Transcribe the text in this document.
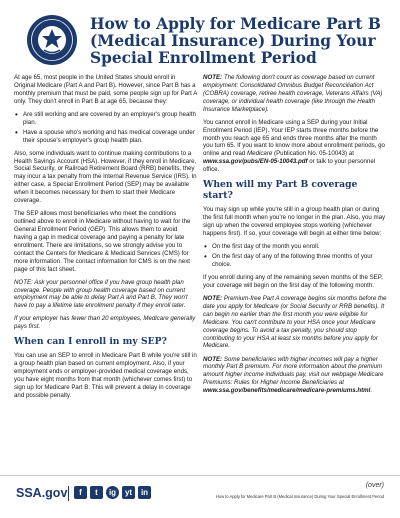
How to Apply for Medicare Part B (Medical Insurance) During Your Special Enrollment Period

At age 65, most people in the United States should enroll in Original Medicare (Part A and Part B). However, since Part B has a monthly premium that must be paid, some people sign up for Part A only. They don't enroll in Part B at age 65, because they:

• Are still working and are covered by an employer's group health plan.
• Have a spouse who's working and has medical coverage under their spouse's employer's group health plan.

Also, some individuals want to continue making contributions to a Health Savings Account (HSA). However, if they enroll in Medicare, Social Security, or Railroad Retirement Board (RRB) benefits, they may incur a tax penalty from the Internal Revenue Service (IRS). In either case, a Special Enrollment Period (SEP) may be available when it becomes necessary for them to start their Medicare coverage.

The SEP allows most beneficiaries who meet the conditions outlined above to enroll in Medicare without having to wait for the General Enrollment Period (GEP). This allows them to avoid having a gap in medical coverage and paying a penalty for late enrollment. There are limitations, so we strongly advise you to contact the Centers for Medicare & Medicaid Services (CMS) for more information. The contact information for CMS is on the next page of this fact sheet.

NOTE: Ask your personnel office if you have group health plan coverage. People with group health coverage based on current employment may be able to delay Part A and Part B. They won't have to pay a lifetime late enrollment penalty if they enroll later.

If your employer has fewer than 20 employees, Medicare generally pays first.

When can I enroll in my SEP?

You can use an SEP to enroll in Medicare Part B while you're still in a group health plan based on current employment. Also, if your employment ends or employer-provided medical coverage ends, you have eight months from that month (whichever comes first) to sign up for Medicare Part B. This will prevent a delay in coverage and possible penalty.

NOTE: The following don't count as coverage based on current employment: Consolidated Omnibus Budget Reconciliation Act (COBRA) coverage, retiree health coverage, Veterans Affairs (VA) coverage, or individual health coverage (like through the Health Insurance Marketplace).

You cannot enroll in Medicare using a SEP during your Initial Enrollment Period (IEP). Your IEP starts three months before the month you reach age 65 and ends three months after the month you turn 65. If you want to know more about enrollment periods, go online and read Medicare (Publication No. 05-10043) at www.ssa.gov/pubs/EN-05-10043.pdf or talk to your personnel office.

When will my Part B coverage start?

You may sign up while you're still in a group health plan or during the first full month when you're no longer in the plan. Also, you may sign up when the covered employee stops working (whichever happens first). If so, your coverage will begin at either time below:

• On the first day of the month you enroll.
• On the first day of any of the following three months of your choice.

If you enroll during any of the remaining seven months of the SEP, your coverage will begin on the first day of the following month.

NOTE: Premium-free Part A coverage begins six months before the date you apply for Medicare (or Social Security or RRB benefits). It can begin no earlier than the first month you were eligible for Medicare. You can't contribute to your HSA once your Medicare coverage begins. To avoid a tax penalty, you should stop contributing to your HSA at least six months before you apply for Medicare.

NOTE: Some beneficiaries with higher incomes will pay a higher monthly Part B premium. For more information about the premium amount higher income individuals pay, visit our webpage Medicare Premiums: Rules for Higher Income Beneficiaries at www.ssa.gov/benefits/medicare/medicare-premiums.html.

SSA.gov	f	t	ig	yt	in
(over)
How to Apply for Medicare Part B (Medical Insurance) During Your Special Enrollment Period
